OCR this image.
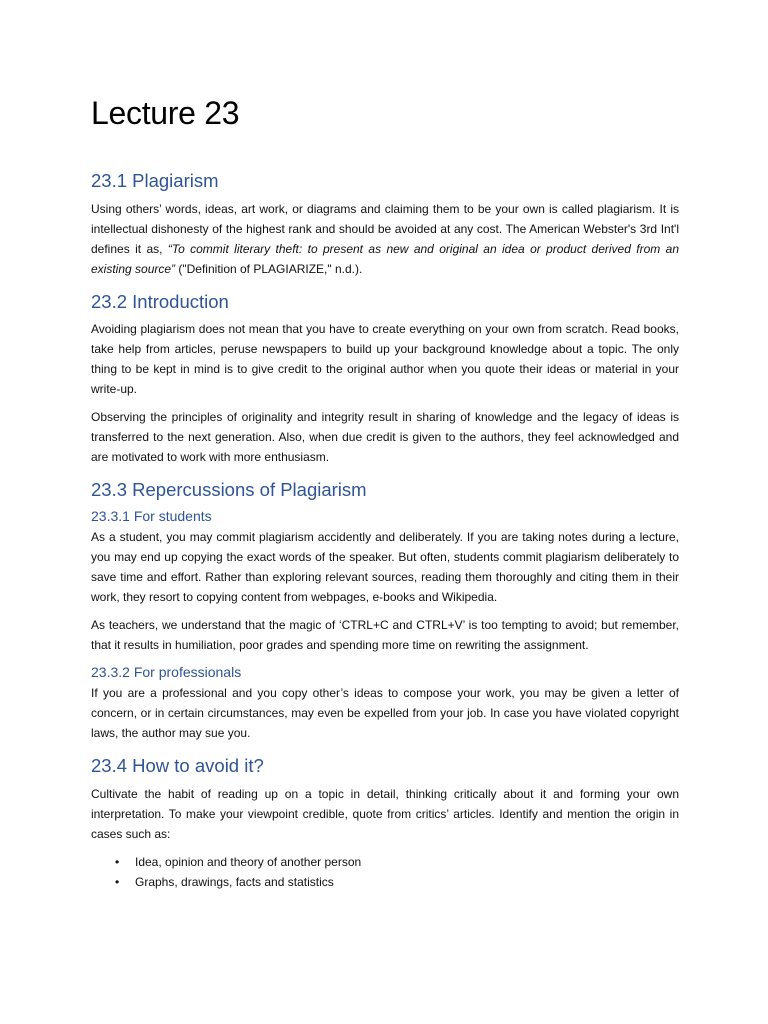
Lecture 23
23.1 Plagiarism

Using others’ words, ideas, art work, or diagrams and claiming them to be your own is called plagiarism. It is intellectual dishonesty of the highest rank and should be avoided at any cost. The American Webster's 3rd Int'l defines it as, “To commit literary theft: to present as new and original an idea or product derived from an existing source” ("Definition of PLAGIARIZE," n.d.).

23.2 Introduction

Avoiding plagiarism does not mean that you have to create everything on your own from scratch. Read books, take help from articles, peruse newspapers to build up your background knowledge about a topic. The only thing to be kept in mind is to give credit to the original author when you quote their ideas or material in your write-up.

Observing the principles of originality and integrity result in sharing of knowledge and the legacy of ideas is transferred to the next generation. Also, when due credit is given to the authors, they feel acknowledged and are motivated to work with more enthusiasm.

23.3 Repercussions of Plagiarism
23.3.1 For students

As a student, you may commit plagiarism accidently and deliberately. If you are taking notes during a lecture, you may end up copying the exact words of the speaker. But often, students commit plagiarism deliberately to save time and effort. Rather than exploring relevant sources, reading them thoroughly and citing them in their work, they resort to copying content from webpages, e-books and Wikipedia.

As teachers, we understand that the magic of ‘CTRL+C and CTRL+V’ is too tempting to avoid; but remember, that it results in humiliation, poor grades and spending more time on rewriting the assignment.

23.3.2 For professionals

If you are a professional and you copy other’s ideas to compose your work, you may be given a letter of concern, or in certain circumstances, may even be expelled from your job. In case you have violated copyright laws, the author may sue you.

23.4 How to avoid it?

Cultivate the habit of reading up on a topic in detail, thinking critically about it and forming your own interpretation. To make your viewpoint credible, quote from critics’ articles. Identify and mention the origin in cases such as:

• Idea, opinion and theory of another person
• Graphs, drawings, facts and statistics
